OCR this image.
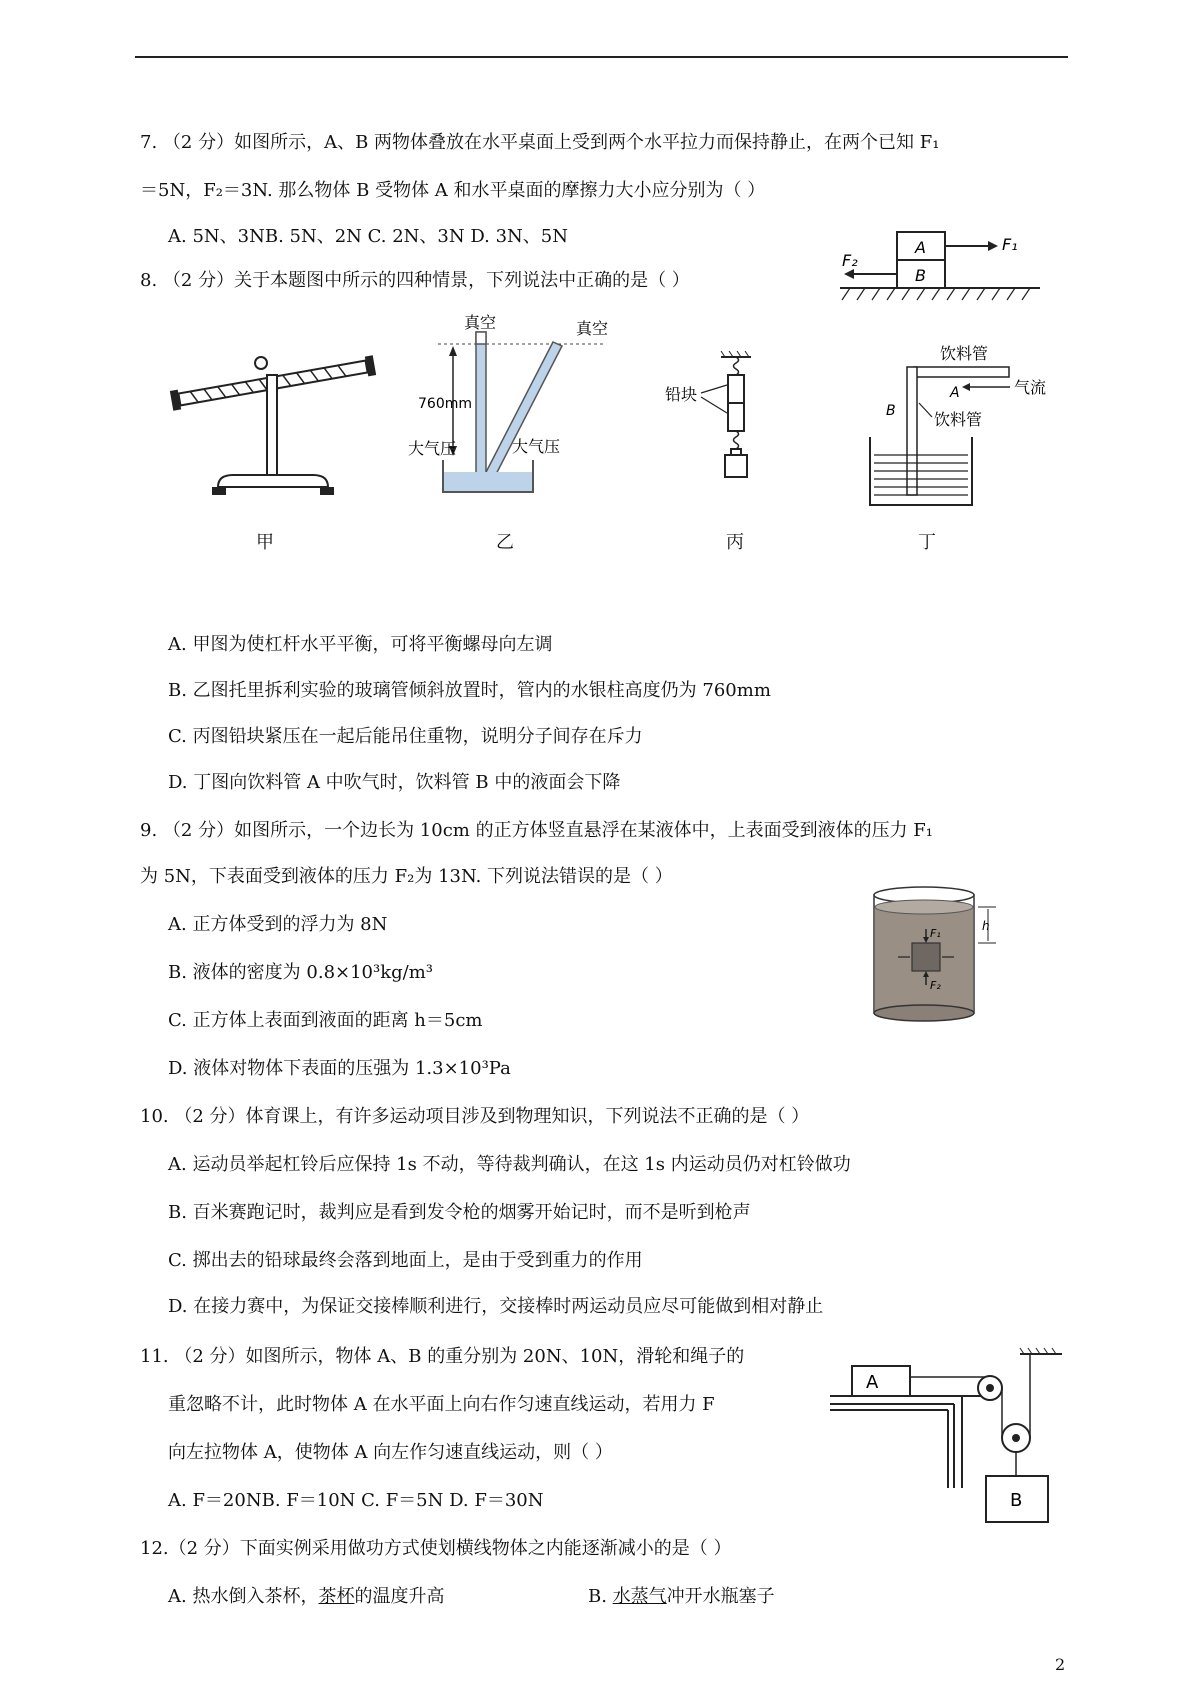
7. （2 分）如图所示，A、B 两物体叠放在水平桌面上受到两个水平拉力而保持静止，在两个已知 F₁
＝5N，F₂＝3N. 那么物体 B 受物体 A 和水平桌面的摩擦力大小应分别为（ ）
A. 5N、3NB. 5N、2N C. 2N、3N D. 3N、5N
A
B
F₁
F₂
8. （2 分）关于本题图中所示的四种情景，下列说法中正确的是（ ）
甲
真空	真空
760mm
大气压	大气压
乙
铅块
丙
饮料管
A	气流
B 饮料管
丁
A. 甲图为使杠杆水平平衡，可将平衡螺母向左调
B. 乙图托里拆利实验的玻璃管倾斜放置时，管内的水银柱高度仍为 760mm
C. 丙图铅块紧压在一起后能吊住重物，说明分子间存在斥力
D. 丁图向饮料管 A 中吹气时，饮料管 B 中的液面会下降
9. （2 分）如图所示，一个边长为 10cm 的正方体竖直悬浮在某液体中，上表面受到液体的压力 F₁
为 5N，下表面受到液体的压力 F₂为 13N. 下列说法错误的是（ ）
A. 正方体受到的浮力为 8N
B. 液体的密度为 0.8×10³kg/m³
C. 正方体上表面到液面的距离 h＝5cm
D. 液体对物体下表面的压强为 1.3×10³Pa
F₁
F₂
h
10. （2 分）体育课上，有许多运动项目涉及到物理知识，下列说法不正确的是（ ）
A. 运动员举起杠铃后应保持 1s 不动，等待裁判确认，在这 1s 内运动员仍对杠铃做功
B. 百米赛跑记时，裁判应是看到发令枪的烟雾开始记时，而不是听到枪声
C. 掷出去的铅球最终会落到地面上，是由于受到重力的作用
D. 在接力赛中，为保证交接棒顺利进行，交接棒时两运动员应尽可能做到相对静止
11. （2 分）如图所示，物体 A、B 的重分别为 20N、10N，滑轮和绳子的
重忽略不计，此时物体 A 在水平面上向右作匀速直线运动，若用力 F
向左拉物体 A，使物体 A 向左作匀速直线运动，则（ ）
A. F＝20NB. F＝10N C. F＝5N D. F＝30N
A
B
12.（2 分）下面实例采用做功方式使划横线物体之内能逐渐减小的是（ ）
A. 热水倒入茶杯，茶杯的温度升高	B. 水蒸气冲开水瓶塞子
2
